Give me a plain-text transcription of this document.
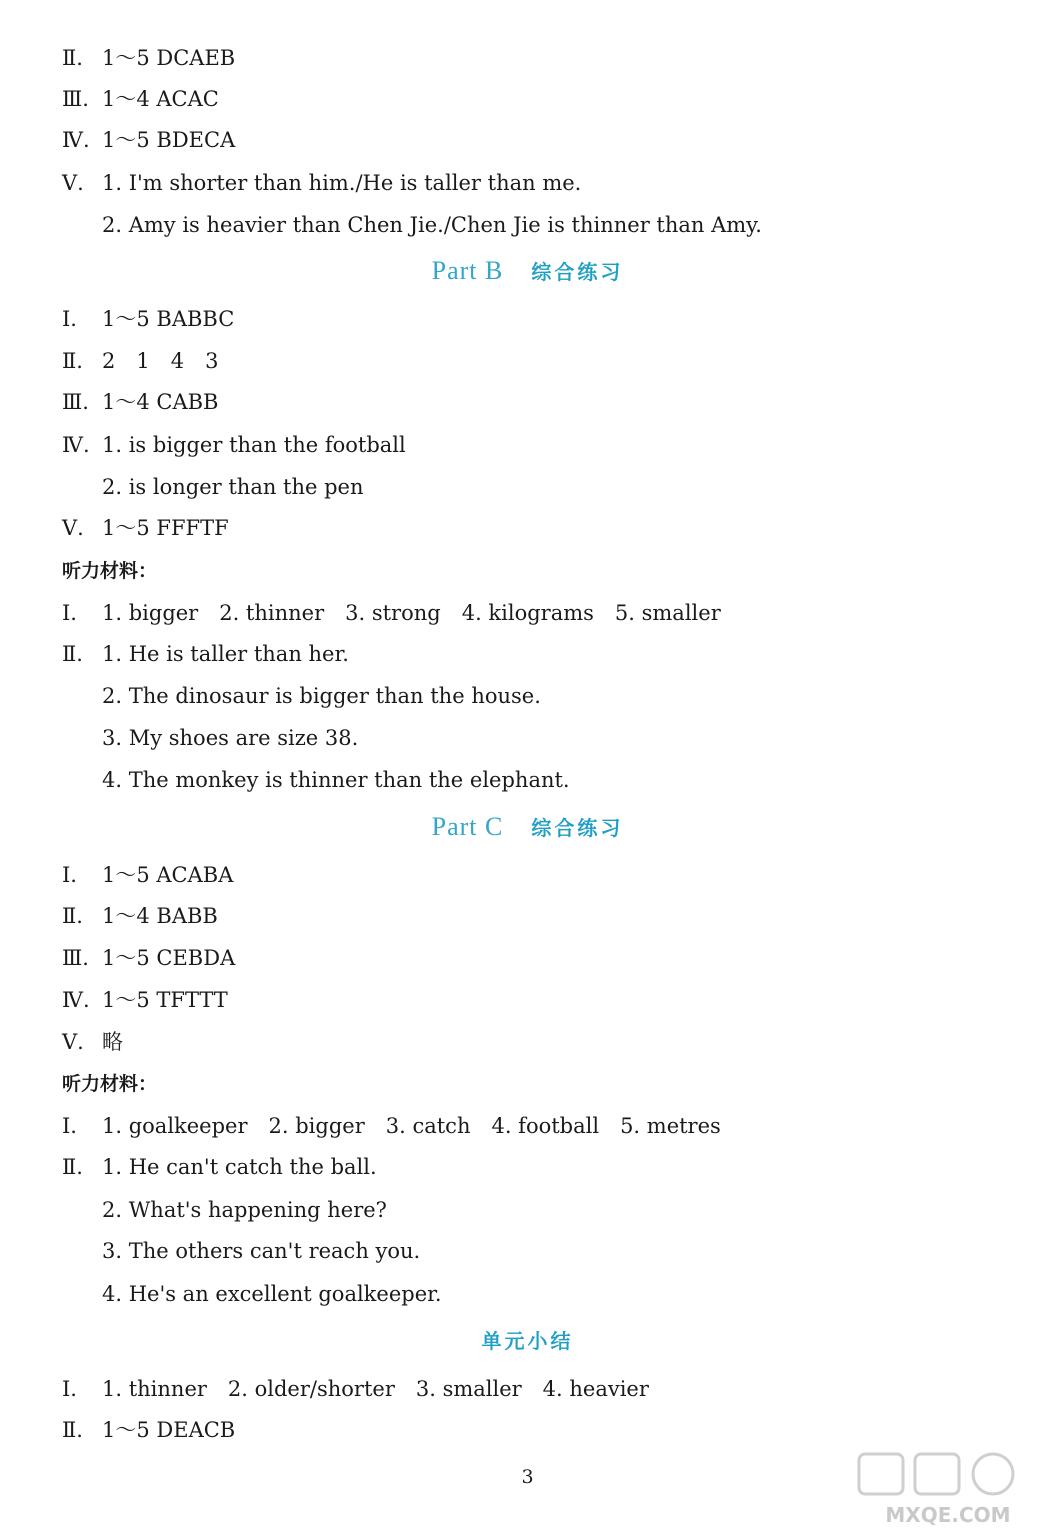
Ⅱ. 1～5 DCAEB
Ⅲ. 1～4 ACAC
Ⅳ. 1～5 BDECA
Ⅴ. 1. I'm shorter than him./He is taller than me.
2. Amy is heavier than Chen Jie./Chen Jie is thinner than Amy.
Part B 综合练习
Ⅰ. 1～5 BABBC
Ⅱ. 2　1　4　3
Ⅲ. 1～4 CABB
Ⅳ. 1. is bigger than the football
2. is longer than the pen
Ⅴ. 1～5 FFFTF
听力材料：
Ⅰ. 1. bigger　2. thinner　3. strong　4. kilograms　5. smaller
Ⅱ. 1. He is taller than her.
2. The dinosaur is bigger than the house.
3. My shoes are size 38.
4. The monkey is thinner than the elephant.
Part C 综合练习
Ⅰ. 1～5 ACABA
Ⅱ. 1～4 BABB
Ⅲ. 1～5 CEBDA
Ⅳ. 1～5 TFTTT
Ⅴ. 略
听力材料：
Ⅰ. 1. goalkeeper　2. bigger　3. catch　4. football　5. metres
Ⅱ. 1. He can't catch the ball.
2. What's happening here?
3. The others can't reach you.
4. He's an excellent goalkeeper.
单元小结
Ⅰ. 1. thinner　2. older/shorter　3. smaller　4. heavier
Ⅱ. 1～5 DEACB
3
MXQE.COM
